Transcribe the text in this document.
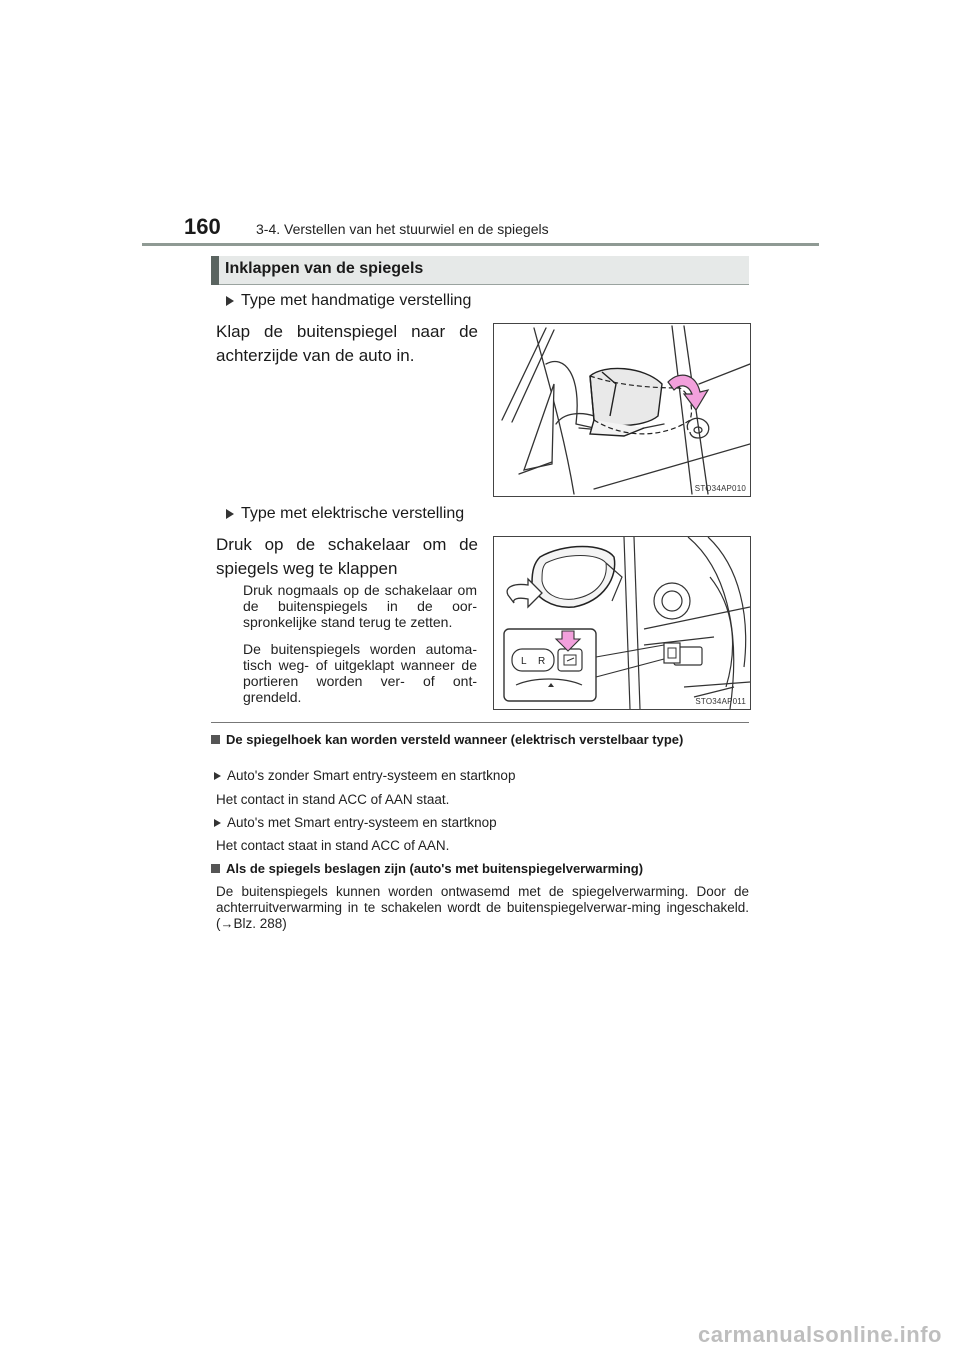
160	3-4. Verstellen van het stuurwiel en de spiegels
Inklappen van de spiegels
Type met handmatige verstelling
Klap de buitenspiegel naar de achterzijde van de auto in.
STO34AP010
Type met elektrische verstelling
Druk op de schakelaar om de spiegels weg te klappen
Druk nogmaals op de schakelaar om de buitenspiegels in de oor-spronkelijke stand terug te zetten.
De buitenspiegels worden automa-tisch weg- of uitgeklapt wanneer de portieren worden ver- of ont-grendeld.
L R
STO34AP011
De spiegelhoek kan worden versteld wanneer (elektrisch verstelbaar type)
Auto's zonder Smart entry-systeem en startknop
Het contact in stand ACC of AAN staat.
Auto's met Smart entry-systeem en startknop
Het contact staat in stand ACC of AAN.
Als de spiegels beslagen zijn (auto's met buitenspiegelverwarming)
De buitenspiegels kunnen worden ontwasemd met de spiegelverwarming. Door de achterruitverwarming in te schakelen wordt de buitenspiegelverwar-ming ingeschakeld. (→Blz. 288)
carmanualsonline.info
